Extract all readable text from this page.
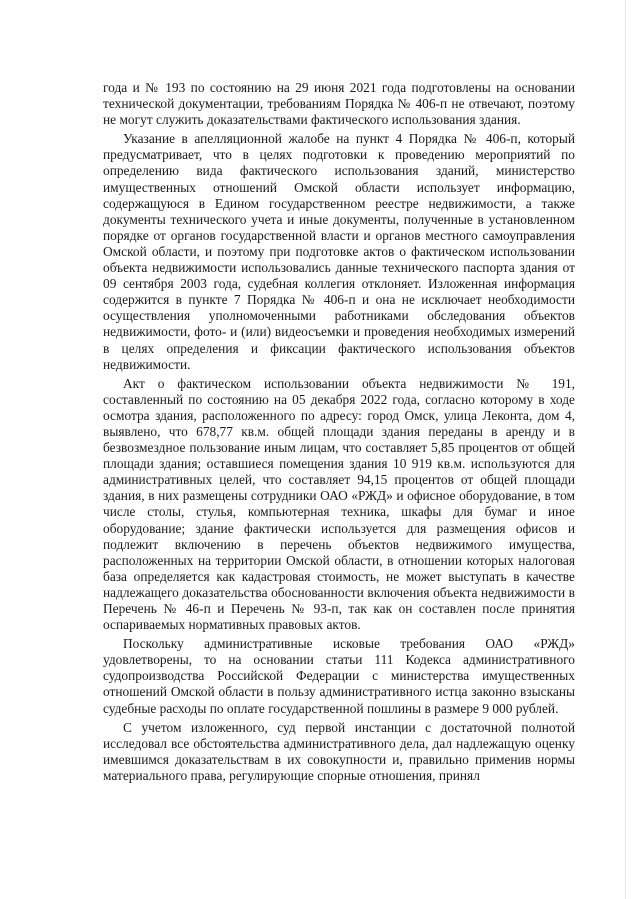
года и № 193 по состоянию на 29 июня 2021 года подготовлены на основании технической документации, требованиям Порядка № 406-п не отвечают, поэтому не могут служить доказательствами фактического использования здания.

Указание в апелляционной жалобе на пункт 4 Порядка № 406-п, который предусматривает, что в целях подготовки к проведению мероприятий по определению вида фактического использования зданий, министерство имущественных отношений Омской области использует информацию, содержащуюся в Едином государственном реестре недвижимости, а также документы технического учета и иные документы, полученные в установленном порядке от органов государственной власти и органов местного самоуправления Омской области, и поэтому при подготовке актов о фактическом использовании объекта недвижимости использовались данные технического паспорта здания от 09 сентября 2003 года, судебная коллегия отклоняет. Изложенная информация содержится в пункте 7 Порядка № 406-п и она не исключает необходимости осуществления уполномоченными работниками обследования объектов недвижимости, фото- и (или) видеосъемки и проведения необходимых измерений в целях определения и фиксации фактического использования объектов недвижимости.

Акт о фактическом использовании объекта недвижимости № 191, составленный по состоянию на 05 декабря 2022 года, согласно которому в ходе осмотра здания, расположенного по адресу: город Омск, улица Леконта, дом 4, выявлено, что 678,77 кв.м. общей площади здания переданы в аренду и в безвозмездное пользование иным лицам, что составляет 5,85 процентов от общей площади здания; оставшиеся помещения здания 10 919 кв.м. используются для административных целей, что составляет 94,15 процентов от общей площади здания, в них размещены сотрудники ОАО «РЖД» и офисное оборудование, в том числе столы, стулья, компьютерная техника, шкафы для бумаг и иное оборудование; здание фактически используется для размещения офисов и подлежит включению в перечень объектов недвижимого имущества, расположенных на территории Омской области, в отношении которых налоговая база определяется как кадастровая стоимость, не может выступать в качестве надлежащего доказательства обоснованности включения объекта недвижимости в Перечень № 46-п и Перечень № 93-п, так как он составлен после принятия оспариваемых нормативных правовых актов.

Поскольку административные исковые требования ОАО «РЖД» удовлетворены, то на основании статьи 111 Кодекса административного судопроизводства Российской Федерации с министерства имущественных отношений Омской области в пользу административного истца законно взысканы судебные расходы по оплате государственной пошлины в размере 9 000 рублей.

С учетом изложенного, суд первой инстанции с достаточной полнотой исследовал все обстоятельства административного дела, дал надлежащую оценку имевшимся доказательствам в их совокупности и, правильно применив нормы материального права, регулирующие спорные отношения, принял
